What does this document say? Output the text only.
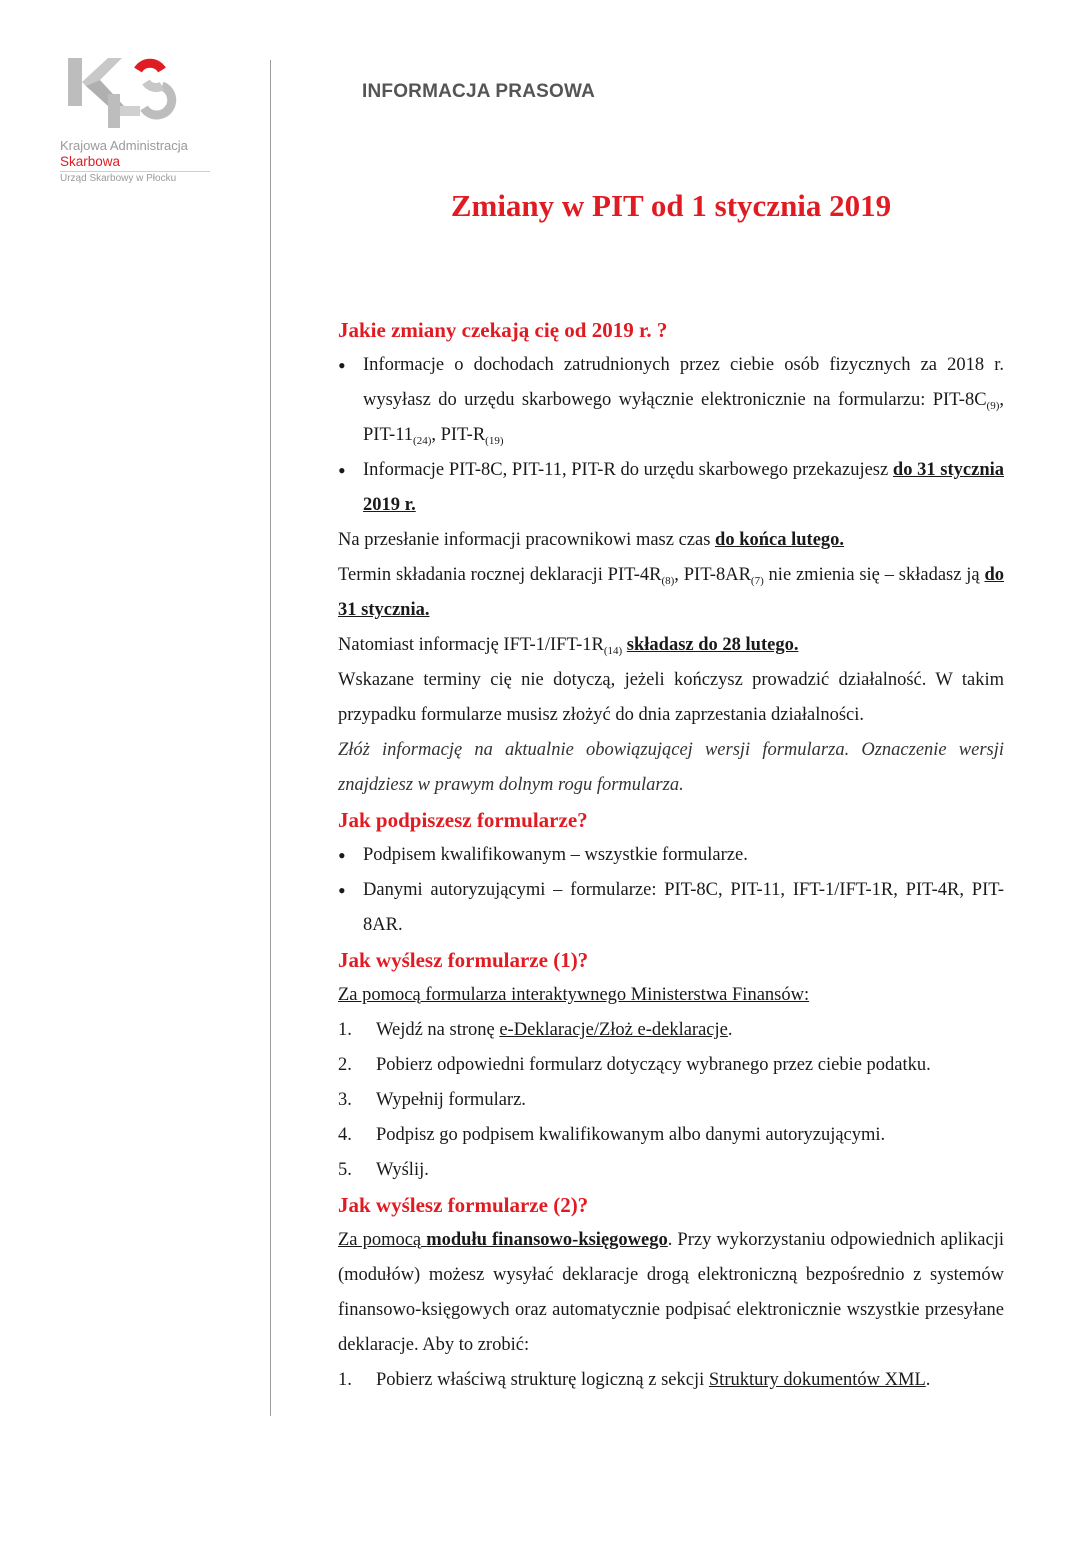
Krajowa Administracja
Skarbowa
Urząd Skarbowy w Płocku
INFORMACJA PRASOWA
Zmiany w PIT od 1 stycznia 2019

Jakie zmiany czekają cię od 2019 r. ?

• Informacje o dochodach zatrudnionych przez ciebie osób fizycznych za 2018 r. wysyłasz do urzędu skarbowego wyłącznie elektronicznie na formularzu: PIT-$8C_{(9)}$, PIT-$11_{(24)}$, PIT-$R_{(19)}$
• Informacje PIT-8C, PIT-11, PIT-R do urzędu skarbowego przekazujesz do 31 stycznia 2019 r.

Na przesłanie informacji pracownikowi masz czas do końca lutego.

Termin składania rocznej deklaracji PIT-$4R_{(8)}$, PIT-$8AR_{(7)}$ nie zmienia się – składasz ją do 31 stycznia.

Natomiast informację IFT-$1/IFT-1R_{(14)}$ składasz do 28 lutego.

Wskazane terminy cię nie dotyczą, jeżeli kończysz prowadzić działalność. W takim przypadku formularze musisz złożyć do dnia zaprzestania działalności.

Złóż informację na aktualnie obowiązującej wersji formularza. Oznaczenie wersji znajdziesz w prawym dolnym rogu formularza.

Jak podpiszesz formularze?

• Podpisem kwalifikowanym – wszystkie formularze.
• Danymi autoryzującymi – formularze: PIT-8C, PIT-11, IFT-1/IFT-1R, PIT-4R, PIT-8AR.

Jak wyślesz formularze (1)?

Za pomocą formularza interaktywnego Ministerstwa Finansów:

1. Wejdź na stronę e-Deklaracje/Złoż e-deklaracje.
2. Pobierz odpowiedni formularz dotyczący wybranego przez ciebie podatku.
3. Wypełnij formularz.
4. Podpisz go podpisem kwalifikowanym albo danymi autoryzującymi.
5. Wyślij.

Jak wyślesz formularze (2)?

Za pomocą modułu finansowo-księgowego. Przy wykorzystaniu odpowiednich aplikacji (modułów) możesz wysyłać deklaracje drogą elektroniczną bezpośrednio z systemów finansowo-księgowych oraz automatycznie podpisać elektronicznie wszystkie przesyłane deklaracje. Aby to zrobić:

1. Pobierz właściwą strukturę logiczną z sekcji Struktury dokumentów XML.
